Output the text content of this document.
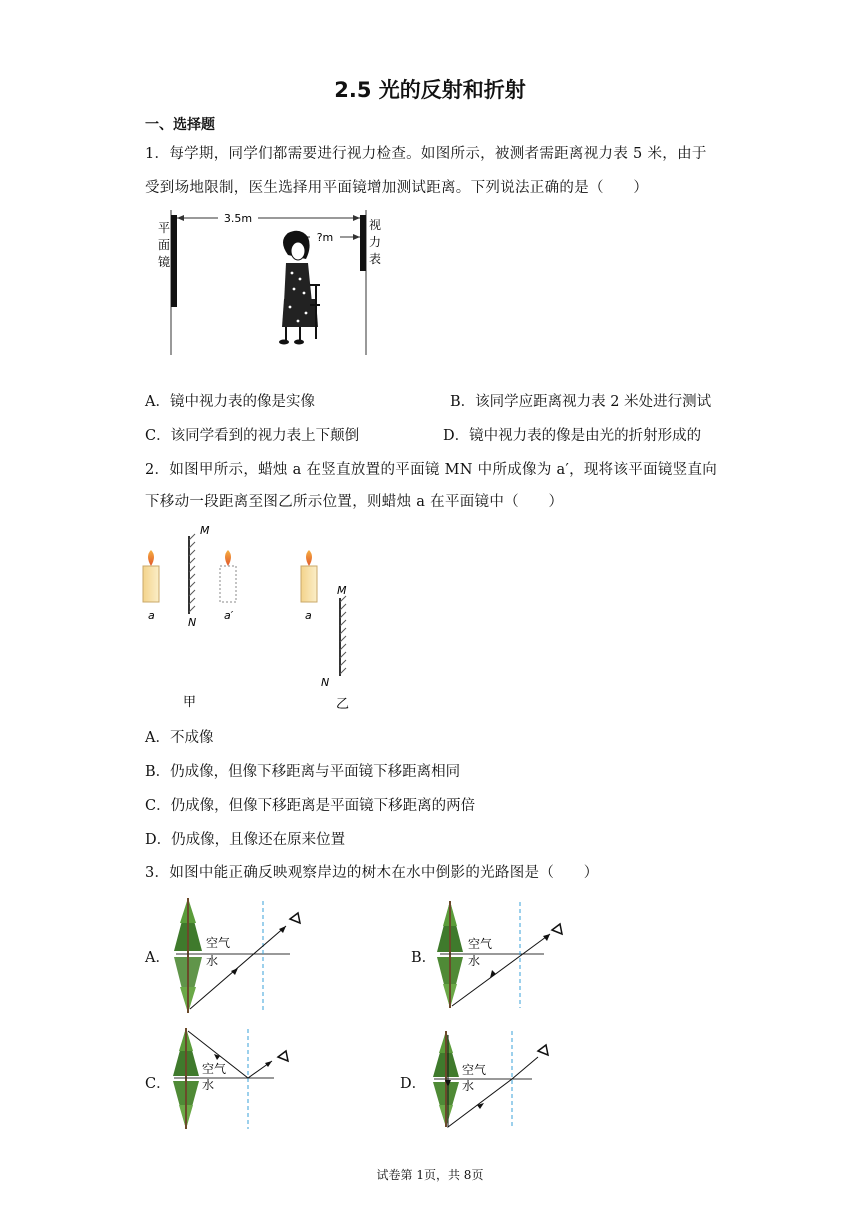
2.5 光的反射和折射
一、选择题
1．每学期，同学们都需要进行视力检查。如图所示，被测者需距离视力表 5 米，由于
受到场地限制，医生选择用平面镜增加测试距离。下列说法正确的是（　　）
3.5m
?m
平
面
镜
视
力
表
A．镜中视力表的像是实像	B．该同学应距离视力表 2 米处进行测试
C．该同学看到的视力表上下颠倒	D．镜中视力表的像是由光的折射形成的
2．如图甲所示，蜡烛 a 在竖直放置的平面镜 MN 中所成像为 a′，现将该平面镜竖直向
下移动一段距离至图乙所示位置，则蜡烛 a 在平面镜中（　　）
a
M
N
a′	a
M
N
甲	乙
A．不成像
B．仍成像，但像下移距离与平面镜下移距离相同
C．仍成像，但像下移距离是平面镜下移距离的两倍
D．仍成像，且像还在原来位置
3．如图中能正确反映观察岸边的树木在水中倒影的光路图是（　　）
A．
空气
水	B．
空气
水
C．
空气
水	D．
空气
水
试卷第 1页，共 8页
